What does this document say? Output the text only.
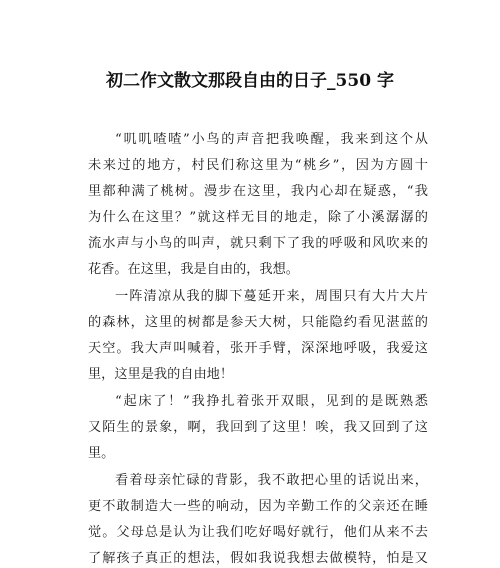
初二作文散文那段自由的日子_550 字
“叽叽喳喳”小鸟的声音把我唤醒，我来到这个从
未来过的地方，村民们称这里为“桃乡”，因为方圆十
里都种满了桃树。漫步在这里，我内心却在疑惑，“我
为什么在这里？”就这样无目的地走，除了小溪潺潺的
流水声与小鸟的叫声，就只剩下了我的呼吸和风吹来的
花香。在这里，我是自由的，我想。
一阵清凉从我的脚下蔓延开来，周围只有大片大片
的森林，这里的树都是参天大树，只能隐约看见湛蓝的
天空。我大声叫喊着，张开手臂，深深地呼吸，我爱这
里，这里是我的自由地！
“起床了！”我挣扎着张开双眼，见到的是既熟悉
又陌生的景象，啊，我回到了这里！唉，我又回到了这
里。
看着母亲忙碌的背影，我不敢把心里的话说出来，
更不敢制造大一些的响动，因为辛勤工作的父亲还在睡
觉。父母总是认为让我们吃好喝好就行，他们从来不去
了解孩子真正的想法，假如我说我想去做模特，怕是又
